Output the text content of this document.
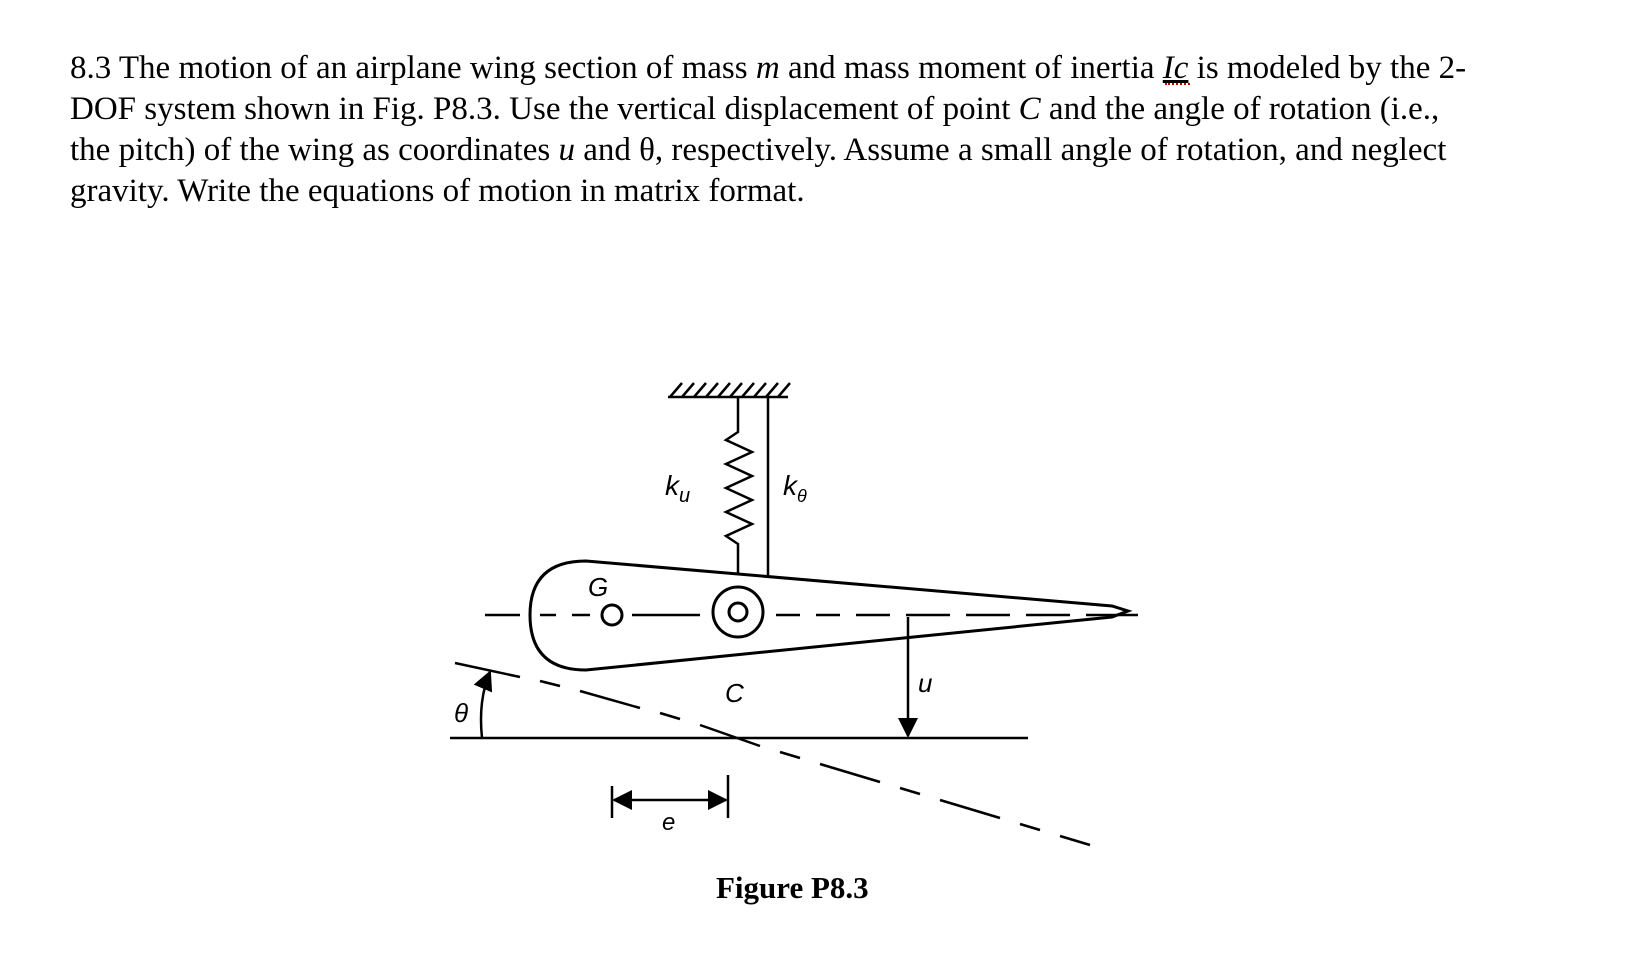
8.3 The motion of an airplane wing section of mass m and mass moment of inertia Ic is modeled by the 2-
DOF system shown in Fig. P8.3. Use the vertical displacement of point C and the angle of rotation (i.e.,
the pitch) of the wing as coordinates u and θ, respectively. Assume a small angle of rotation, and neglect
gravity. Write the equations of motion in matrix format.

$k_u$	$k_\theta$
G
C	u
θ
e

Figure P8.3
